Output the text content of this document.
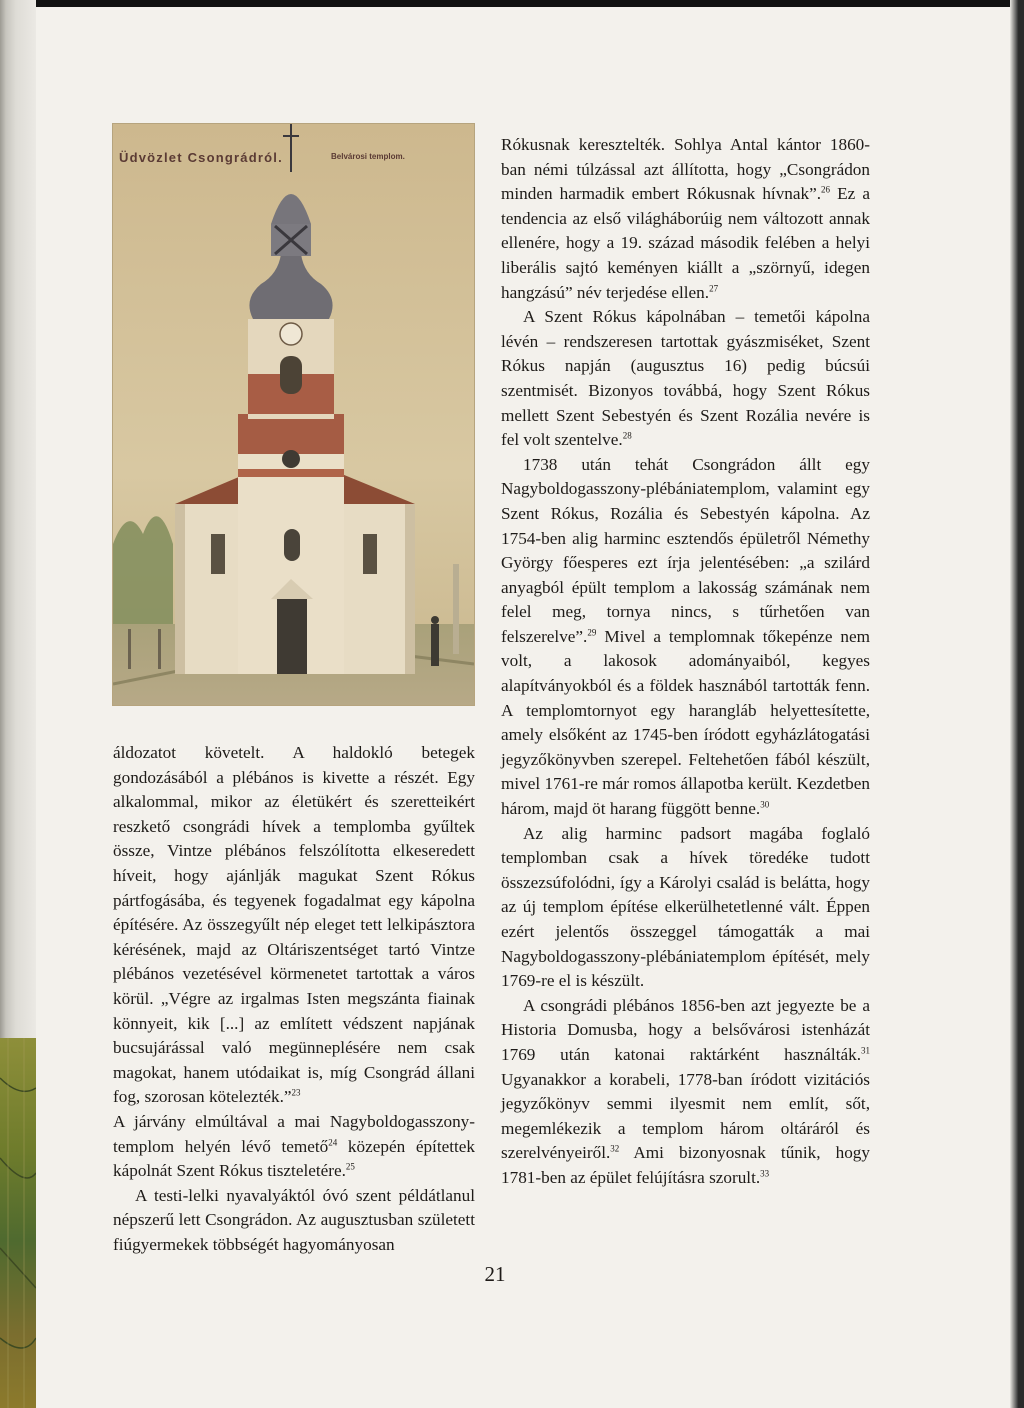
Üdvözlet Csongrádról.	Belvárosi templom.

áldozatot követelt. A haldokló betegek gondozásából a plébános is kivette a részét. Egy alkalommal, mikor az életükért és szeretteikért reszkető csongrádi hívek a templomba gyűltek össze, Vintze plébános felszólította elkeseredett híveit, hogy ajánlják magukat Szent Rókus pártfogásába, és tegyenek fogadalmat egy kápolna építésére. Az összegyűlt nép eleget tett lelkipásztora kérésének, majd az Oltáriszentséget tartó Vintze plébános vezetésével körmenetet tartottak a város körül. „Végre az irgalmas Isten megszánta fiainak könnyeit, kik [...] az említett védszent napjának bucsujárással való megünneplésére nem csak magokat, hanem utódaikat is, míg Csongrád állani fog, szorosan kötelezték.”$^{23}$

A járvány elmúltával a mai Nagyboldogasszony-templom helyén lévő temető$^{24}$ közepén építettek kápolnát Szent Rókus tiszteletére.$^{25}$

A testi-lelki nyavalyáktól óvó szent példátlanul népszerű lett Csongrádon. Az augusztusban született fiúgyermekek többségét hagyományosan

Rókusnak keresztelték. Sohlya Antal kántor 1860-ban némi túlzással azt állította, hogy „Csongrádon minden harmadik embert Rókusnak hívnak”.$^{26}$ Ez a tendencia az első világháborúig nem változott annak ellenére, hogy a 19. század második felében a helyi liberális sajtó keményen kiállt a „szörnyű, idegen hangzású” név terjedése ellen.$^{27}$

A Szent Rókus kápolnában – temetői kápolna lévén – rendszeresen tartottak gyászmiséket, Szent Rókus napján (augusztus 16) pedig búcsúi szentmisét. Bizonyos továbbá, hogy Szent Rókus mellett Szent Sebestyén és Szent Rozália nevére is fel volt szentelve.$^{28}$

1738 után tehát Csongrádon állt egy Nagyboldogasszony-plébániatemplom, valamint egy Szent Rókus, Rozália és Sebestyén kápolna. Az 1754-ben alig harminc esztendős épületről Némethy György főesperes ezt írja jelentésében: „a szilárd anyagból épült templom a lakosság számának nem felel meg, tornya nincs, s tűrhetően van felszerelve”.$^{29}$ Mivel a templomnak tőkepénze nem volt, a lakosok adományaiból, kegyes alapítványokból és a földek hasznából tartották fenn. A templomtornyot egy harangláb helyettesítette, amely elsőként az 1745-ben íródott egyházlátogatási jegyzőkönyvben szerepel. Feltehetően fából készült, mivel 1761-re már romos állapotba került. Kezdetben három, majd öt harang függött benne.$^{30}$

Az alig harminc padsort magába foglaló templomban csak a hívek töredéke tudott összezsúfolódni, így a Károlyi család is belátta, hogy az új templom építése elkerülhetetlenné vált. Éppen ezért jelentős összeggel támogatták a mai Nagyboldogasszony-plébániatemplom építését, mely 1769-re el is készült.

A csongrádi plébános 1856-ben azt jegyezte be a Historia Domusba, hogy a belsővárosi istenházát 1769 után katonai raktárként használták.$^{31}$ Ugyanakkor a korabeli, 1778-ban íródott vizitációs jegyzőkönyv semmi ilyesmit nem említ, sőt, megemlékezik a templom három oltáráról és szerelvényeiről.$^{32}$ Ami bizonyosnak tűnik, hogy 1781-ben az épület felújításra szorult.$^{33}$

21
